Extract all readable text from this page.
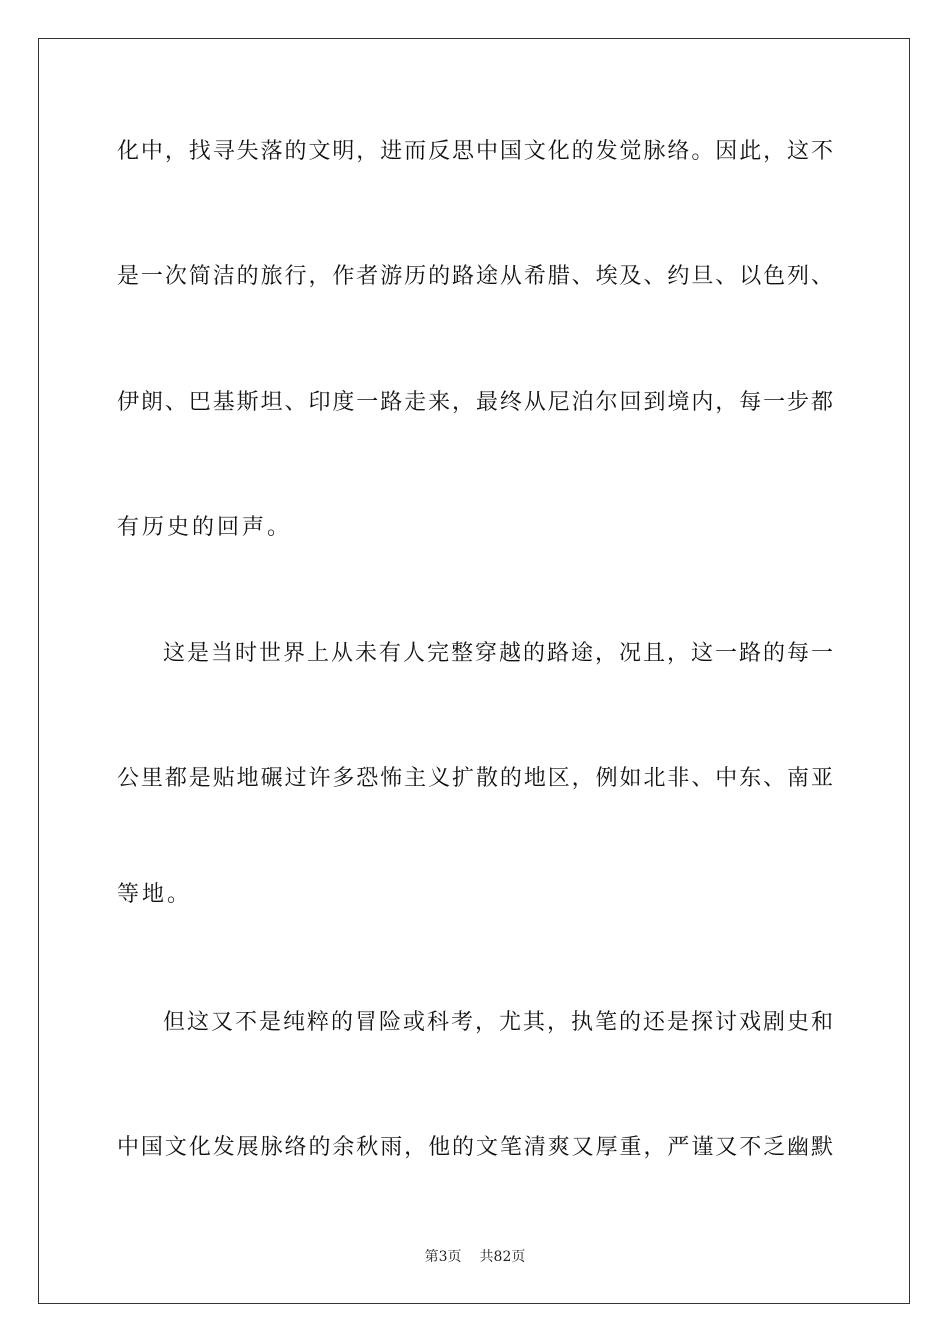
化中，找寻失落的文明，进而反思中国文化的发觉脉络。因此，这不
是一次简洁的旅行，作者游历的路途从希腊、埃及、约旦、以色列、
伊朗、巴基斯坦、印度一路走来，最终从尼泊尔回到境内，每一步都
有历史的回声。
这是当时世界上从未有人完整穿越的路途，况且，这一路的每一
公里都是贴地碾过许多恐怖主义扩散的地区，例如北非、中东、南亚
等地。
但这又不是纯粹的冒险或科考，尤其，执笔的还是探讨戏剧史和
中国文化发展脉络的余秋雨，他的文笔清爽又厚重，严谨又不乏幽默
第3页 共82页
